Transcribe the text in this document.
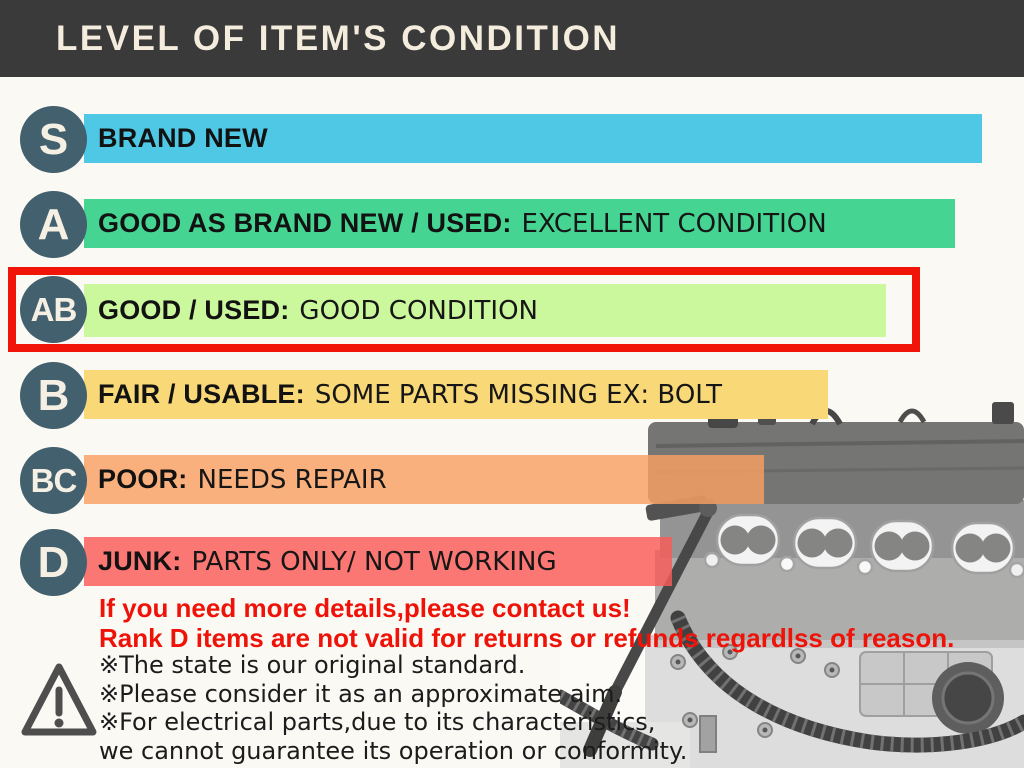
LEVEL OF ITEM'S CONDITION
BRAND NEW
S
GOOD AS BRAND NEW / USED: EXCELLENT CONDITION
A
GOOD / USED: GOOD CONDITION
AB
FAIR / USABLE: SOME PARTS MISSING EX: BOLT
B
POOR: NEEDS REPAIR
BC
JUNK: PARTS ONLY/ NOT WORKING
D
If you need more details,please contact us!
Rank D items are not valid for returns or refunds regardlss of reason.
※The state is our original standard.
※Please consider it as an approximate aim.
※For electrical parts,due to its characteristics,
we cannot guarantee its operation or conformity.
